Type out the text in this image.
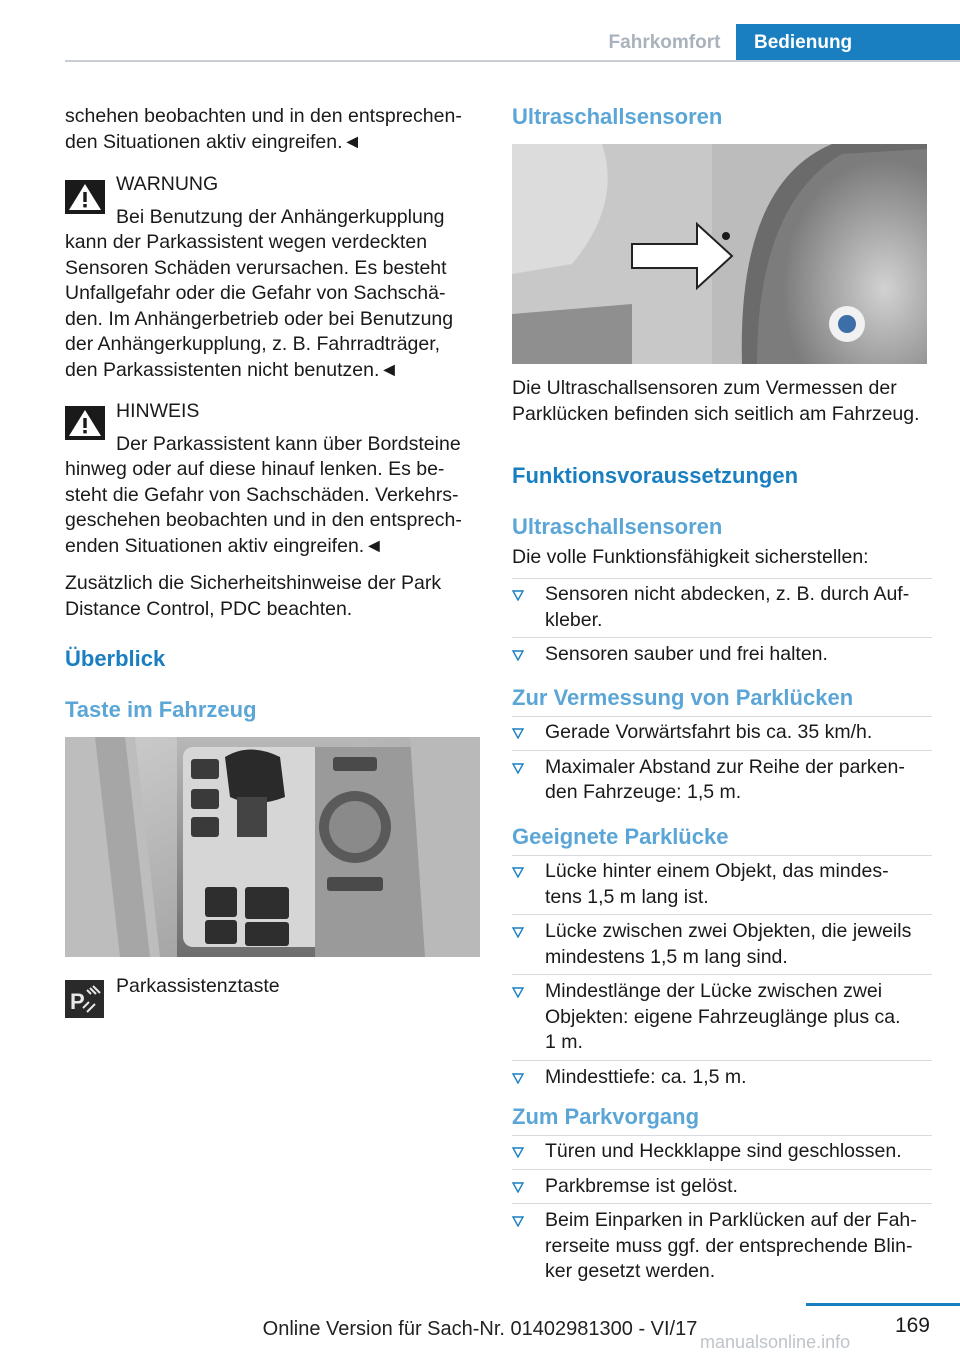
Fahrkomfort	Bedienung

schehen beobachten und in den entsprechen-

den Situationen aktiv eingreifen.◄

WARNUNG

Bei Benutzung der Anhängerkupplung

kann der Parkassistent wegen verdeckten

Sensoren Schäden verursachen. Es besteht

Unfallgefahr oder die Gefahr von Sachschä-

den. Im Anhängerbetrieb oder bei Benutzung

der Anhängerkupplung, z. B. Fahrradträger,

den Parkassistenten nicht benutzen.◄

HINWEIS

Der Parkassistent kann über Bordsteine

hinweg oder auf diese hinauf lenken. Es be-

steht die Gefahr von Sachschäden. Verkehrs-

geschehen beobachten und in den entsprech-

enden Situationen aktiv eingreifen.◄

Zusätzlich die Sicherheitshinweise der Park

Distance Control, PDC beachten.

Überblick
Taste im Fahrzeug
P
Parkassistenztaste
Ultraschallsensoren

Die Ultraschallsensoren zum Vermessen der

Parklücken befinden sich seitlich am Fahrzeug.

Funktionsvoraussetzungen
Ultraschallsensoren
Die volle Funktionsfähigkeit sicherstellen:
Sensoren nicht abdecken, z. B. durch Auf-
kleber.
Sensoren sauber und frei halten.
Zur Vermessung von Parklücken
Gerade Vorwärtsfahrt bis ca. 35 km/h.
Maximaler Abstand zur Reihe der parken-
den Fahrzeuge: 1,5 m.
Geeignete Parklücke
Lücke hinter einem Objekt, das mindes-
tens 1,5 m lang ist.
Lücke zwischen zwei Objekten, die jeweils
mindestens 1,5 m lang sind.
Mindestlänge der Lücke zwischen zwei
Objekten: eigene Fahrzeuglänge plus ca.
1 m.
Mindesttiefe: ca. 1,5 m.
Zum Parkvorgang
Türen und Heckklappe sind geschlossen.
Parkbremse ist gelöst.
Beim Einparken in Parklücken auf der Fah-
rerseite muss ggf. der entsprechende Blin-
ker gesetzt werden.
169
Online Version für Sach-Nr. 01402981300 - VI/17
manualsonline.info
